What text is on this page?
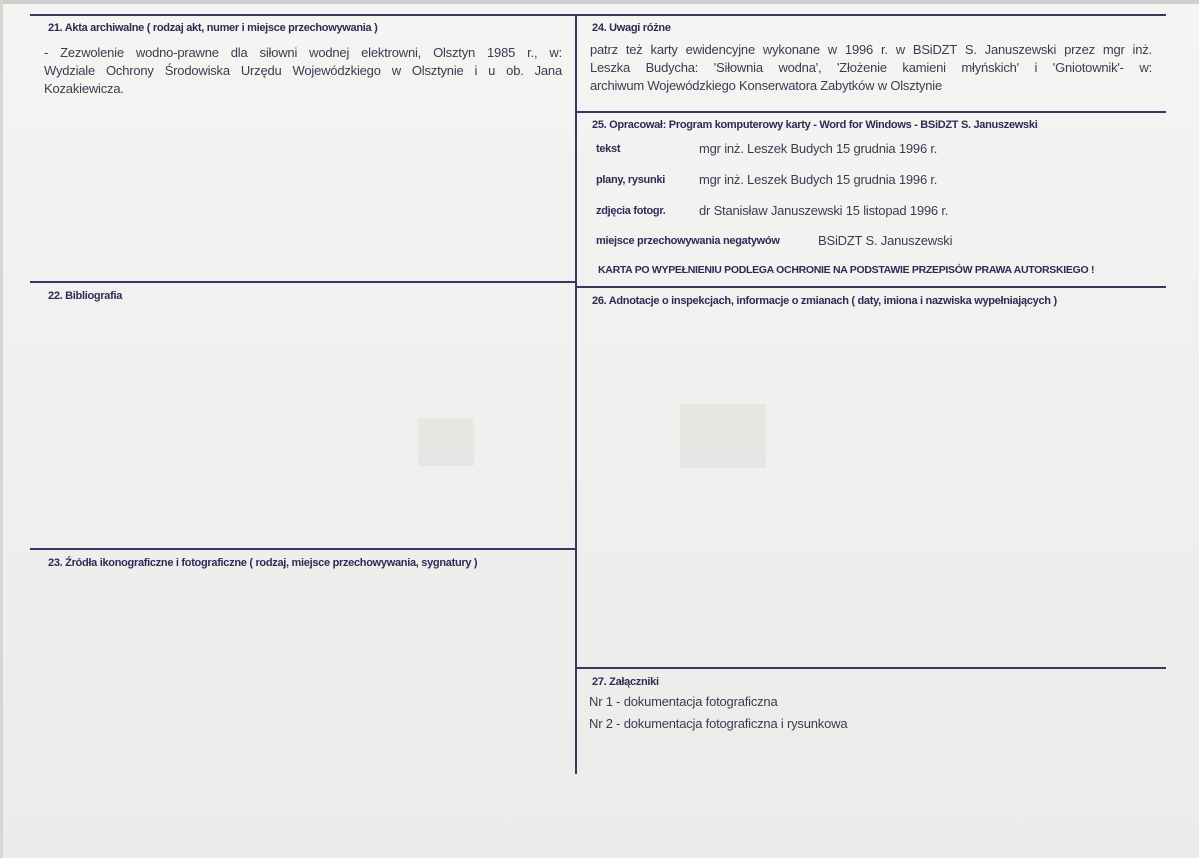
21. Akta archiwalne ( rodzaj akt, numer i miejsce przechowywania )
- Zezwolenie wodno-prawne dla siłowni wodnej elektrowni, Olsztyn 1985 r., w:
Wydziale Ochrony Środowiska Urzędu Wojewódzkiego w Olsztynie i u ob. Jana
Kozakiewicza.
22. Bibliografia
23. Źródła ikonograficzne i fotograficzne ( rodzaj, miejsce przechowywania, sygnatury )
24. Uwagi różne
patrz też karty ewidencyjne wykonane w 1996 r. w BSiDZT S. Januszewski przez mgr inż.
Leszka Budycha: 'Siłownia wodna', 'Złożenie kamieni młyńskich' i 'Gniotownik'- w:
archiwum Wojewódzkiego Konserwatora Zabytków w Olsztynie
25. Opracował: Program komputerowy karty - Word for Windows - BSiDZT S. Januszewski
tekst	mgr inż. Leszek Budych 15 grudnia 1996 r.
plany, rysunki	mgr inż. Leszek Budych 15 grudnia 1996 r.
zdjęcia fotogr.	dr Stanisław Januszewski 15 listopad 1996 r.
miejsce przechowywania negatywów	BSiDZT S. Januszewski
KARTA PO WYPEŁNIENIU PODLEGA OCHRONIE NA PODSTAWIE PRZEPISÓW PRAWA AUTORSKIEGO !
26. Adnotacje o inspekcjach, informacje o zmianach ( daty, imiona i nazwiska wypełniających )
27. Załączniki
Nr 1 - dokumentacja fotograficzna
Nr 2 - dokumentacja fotograficzna i rysunkowa
